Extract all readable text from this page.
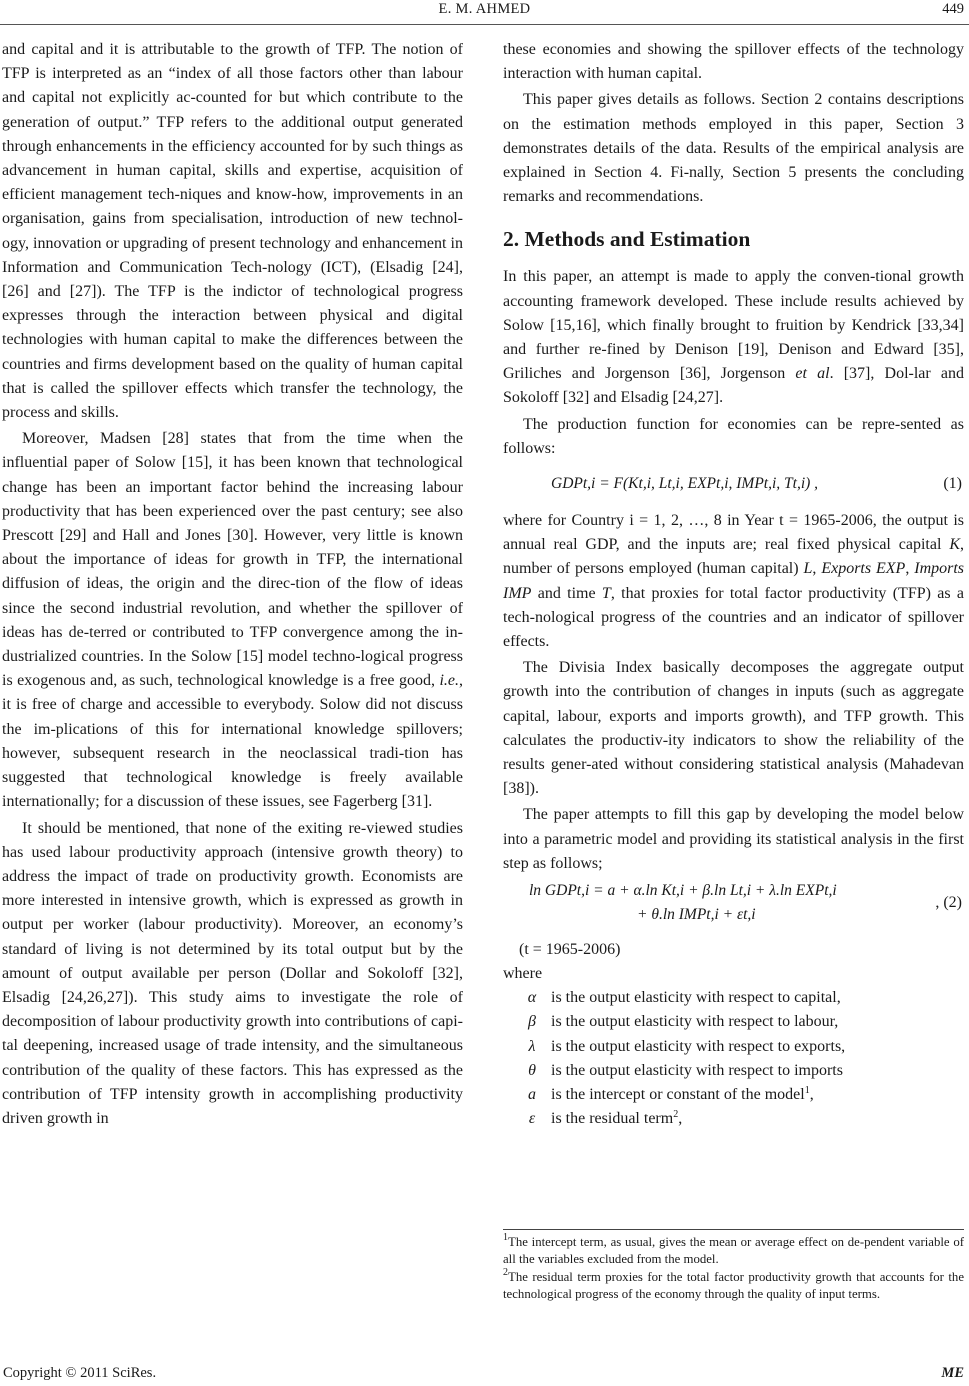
E. M. AHMED	449

and capital and it is attributable to the growth of TFP. The notion of TFP is interpreted as an “index of all those factors other than labour and capital not explicitly ac-counted for but which contribute to the generation of output.” TFP refers to the additional output generated through enhancements in the efficiency accounted for by such things as advancement in human capital, skills and expertise, acquisition of efficient management tech-niques and know-how, improvements in an organisation, gains from specialisation, introduction of new technol-ogy, innovation or upgrading of present technology and enhancement in Information and Communication Tech-nology (ICT), (Elsadig [24], [26] and [27]). The TFP is the indictor of technological progress expresses through the interaction between physical and digital technologies with human capital to make the differences between the countries and firms development based on the quality of human capital that is called the spillover effects which transfer the technology, the process and skills.

Moreover, Madsen [28] states that from the time when the influential paper of Solow [15], it has been known that technological change has been an important factor behind the increasing labour productivity that has been experienced over the past century; see also Prescott [29] and Hall and Jones [30]. However, very little is known about the importance of ideas for growth in TFP, the international diffusion of ideas, the origin and the direc-tion of the flow of ideas since the second industrial revolution, and whether the spillover of ideas has de-terred or contributed to TFP convergence among the in-dustrialized countries. In the Solow [15] model techno-logical progress is exogenous and, as such, technological knowledge is a free good, i.e., it is free of charge and accessible to everybody. Solow did not discuss the im-plications of this for international knowledge spillovers; however, subsequent research in the neoclassical tradi-tion has suggested that technological knowledge is freely available internationally; for a discussion of these issues, see Fagerberg [31].

It should be mentioned, that none of the exiting re-viewed studies has used labour productivity approach (intensive growth theory) to address the impact of trade on productivity growth. Economists are more interested in intensive growth, which is expressed as growth in output per worker (labour productivity). Moreover, an economy’s standard of living is not determined by its total output but by the amount of output available per person (Dollar and Sokoloff [32], Elsadig [24,26,27]). This study aims to investigate the role of decomposition of labour productivity growth into contributions of capi-tal deepening, increased usage of trade intensity, and the simultaneous contribution of the quality of these factors. This has expressed as the contribution of TFP intensity growth in accomplishing productivity driven growth in

these economies and showing the spillover effects of the technology interaction with human capital.

This paper gives details as follows. Section 2 contains descriptions on the estimation methods employed in this paper, Section 3 demonstrates details of the data. Results of the empirical analysis are explained in Section 4. Fi-nally, Section 5 presents the concluding remarks and recommendations.

2. Methods and Estimation

In this paper, an attempt is made to apply the conven-tional growth accounting framework developed. These include results achieved by Solow [15,16], which finally brought to fruition by Kendrick [33,34] and further re-fined by Denison [19], Denison and Edward [35], Griliches and Jorgenson [36], Jorgenson et al. [37], Dol-lar and Sokoloff [32] and Elsadig [24,27].

The production function for economies can be repre-sented as follows:

GDPt,i = F(Kt,i, Lt,i, EXPt,i, IMPt,i, Tt,i) ,	(1)

where for Country i = 1, 2, …, 8 in Year t = 1965-2006, the output is annual real GDP, and the inputs are; real fixed physical capital K, number of persons employed (human capital) L, Exports EXP, Imports IMP and time T, that proxies for total factor productivity (TFP) as a tech-nological progress of the countries and an indicator of spillover effects.

The Divisia Index basically decomposes the aggregate output growth into the contribution of changes in inputs (such as aggregate capital, labour, exports and imports growth), and TFP growth. This calculates the productiv-ity indicators to show the reliability of the results gener-ated without considering statistical analysis (Mahadevan [38]).

The paper attempts to fill this gap by developing the model below into a parametric model and providing its statistical analysis in the first step as follows;

ln GDPt,i = a + α.ln Kt,i + β.ln Lt,i + λ.ln EXPt,i
+ θ.ln IMPt,i + εt,i
, (2)
(t = 1965-2006)

where

α is the output elasticity with respect to capital,
β is the output elasticity with respect to labour,
λ is the output elasticity with respect to exports,
θ is the output elasticity with respect to imports
a is the intercept or constant of the model$^1$,
ε is the residual term$^2$,

$^1$The intercept term, as usual, gives the mean or average effect on de-pendent variable of all the variables excluded from the model.

$^2$The residual term proxies for the total factor productivity growth that accounts for the technological progress of the economy through the quality of input terms.

Copyright © 2011 SciRes.	ME
